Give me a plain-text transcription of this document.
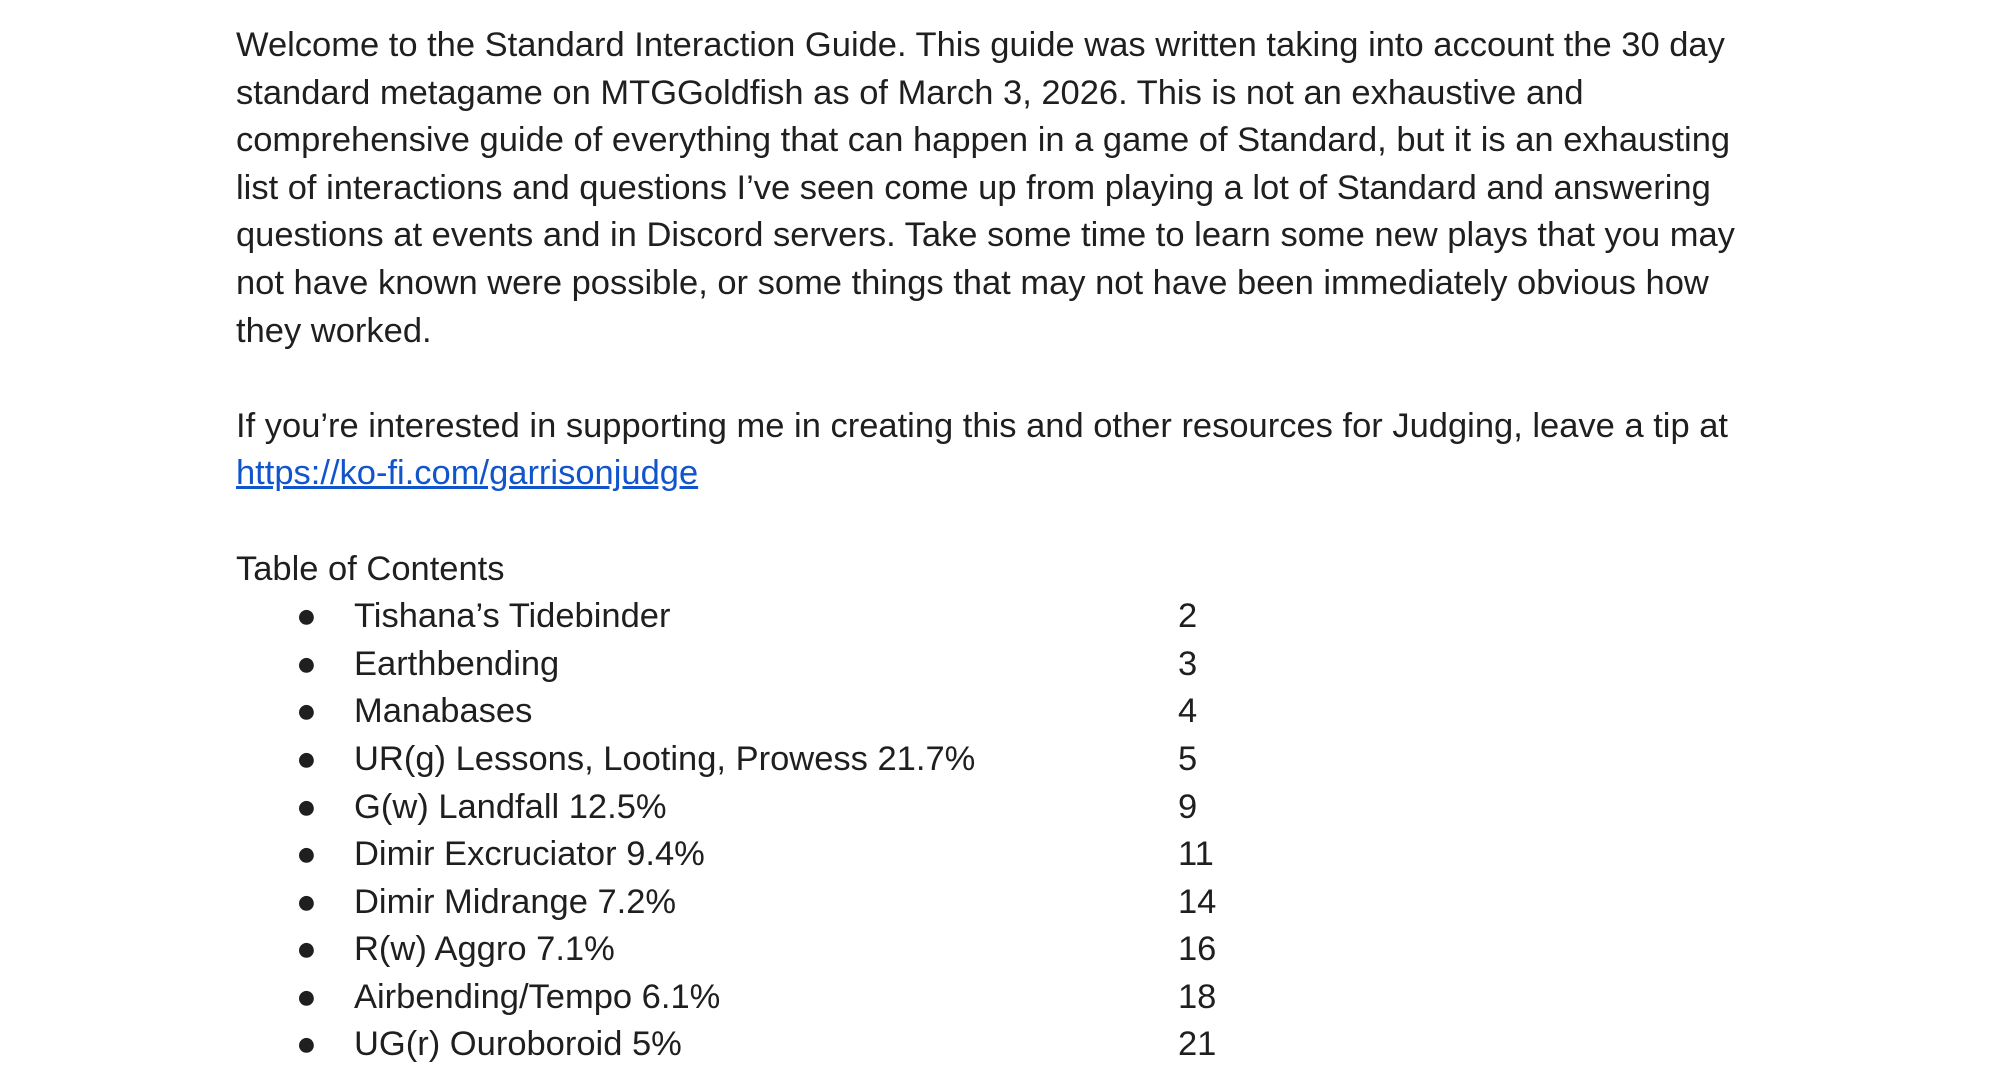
Welcome to the Standard Interaction Guide. This guide was written taking into account the 30 day standard metagame on MTGGoldfish as of March 3, 2026. This is not an exhaustive and comprehensive guide of everything that can happen in a game of Standard, but it is an exhausting list of interactions and questions I’ve seen come up from playing a lot of Standard and answering questions at events and in Discord servers. Take some time to learn some new plays that you may not have known were possible, or some things that may not have been immediately obvious how they worked.

If you’re interested in supporting me in creating this and other resources for Judging, leave a tip at https://ko-fi.com/garrisonjudge

Table of Contents

● Tishana’s Tidebinder	2
● Earthbending	3
● Manabases	4
● UR(g) Lessons, Looting, Prowess 21.7%	5
● G(w) Landfall 12.5%	9
● Dimir Excruciator 9.4%	11
● Dimir Midrange 7.2%	14
● R(w) Aggro 7.1%	16
● Airbending/Tempo 6.1%	18
● UG(r) Ouroboroid 5%	21
